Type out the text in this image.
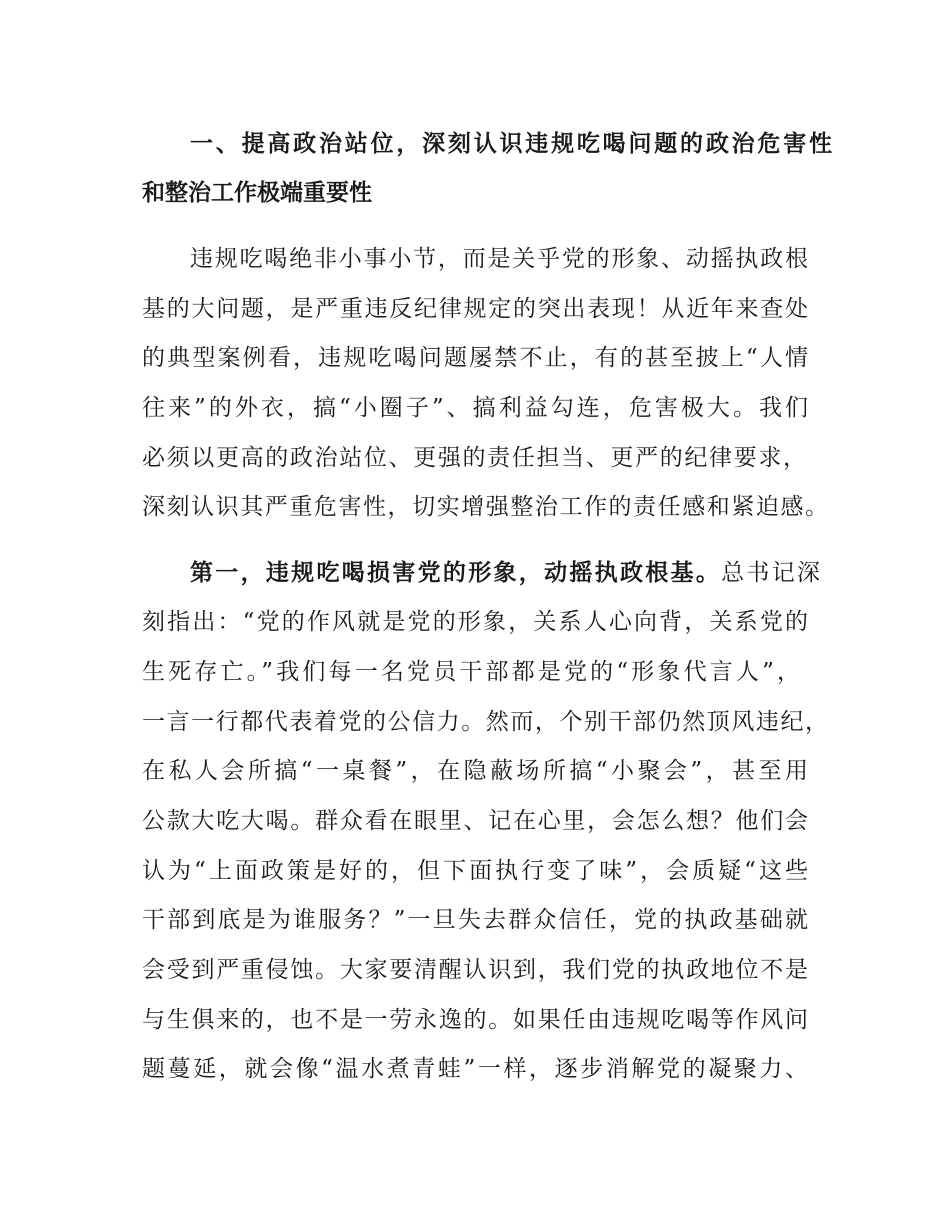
一、提高政治站位，深刻认识违规吃喝问题的政治危害性
和整治工作极端重要性
违规吃喝绝非小事小节，而是关乎党的形象、动摇执政根
基的大问题，是严重违反纪律规定的突出表现！从近年来查处
的典型案例看，违规吃喝问题屡禁不止，有的甚至披上“人情
往来”的外衣，搞“小圈子”、搞利益勾连，危害极大。我们
必须以更高的政治站位、更强的责任担当、更严的纪律要求，
深刻认识其严重危害性，切实增强整治工作的责任感和紧迫感。
第一，违规吃喝损害党的形象，动摇执政根基。总书记深
刻指出：“党的作风就是党的形象，关系人心向背，关系党的
生死存亡。”我们每一名党员干部都是党的“形象代言人”，
一言一行都代表着党的公信力。然而，个别干部仍然顶风违纪，
在私人会所搞“一桌餐”，在隐蔽场所搞“小聚会”，甚至用
公款大吃大喝。群众看在眼里、记在心里，会怎么想？他们会
认为“上面政策是好的，但下面执行变了味”，会质疑“这些
干部到底是为谁服务？”一旦失去群众信任，党的执政基础就
会受到严重侵蚀。大家要清醒认识到，我们党的执政地位不是
与生俱来的，也不是一劳永逸的。如果任由违规吃喝等作风问
题蔓延，就会像“温水煮青蛙”一样，逐步消解党的凝聚力、
